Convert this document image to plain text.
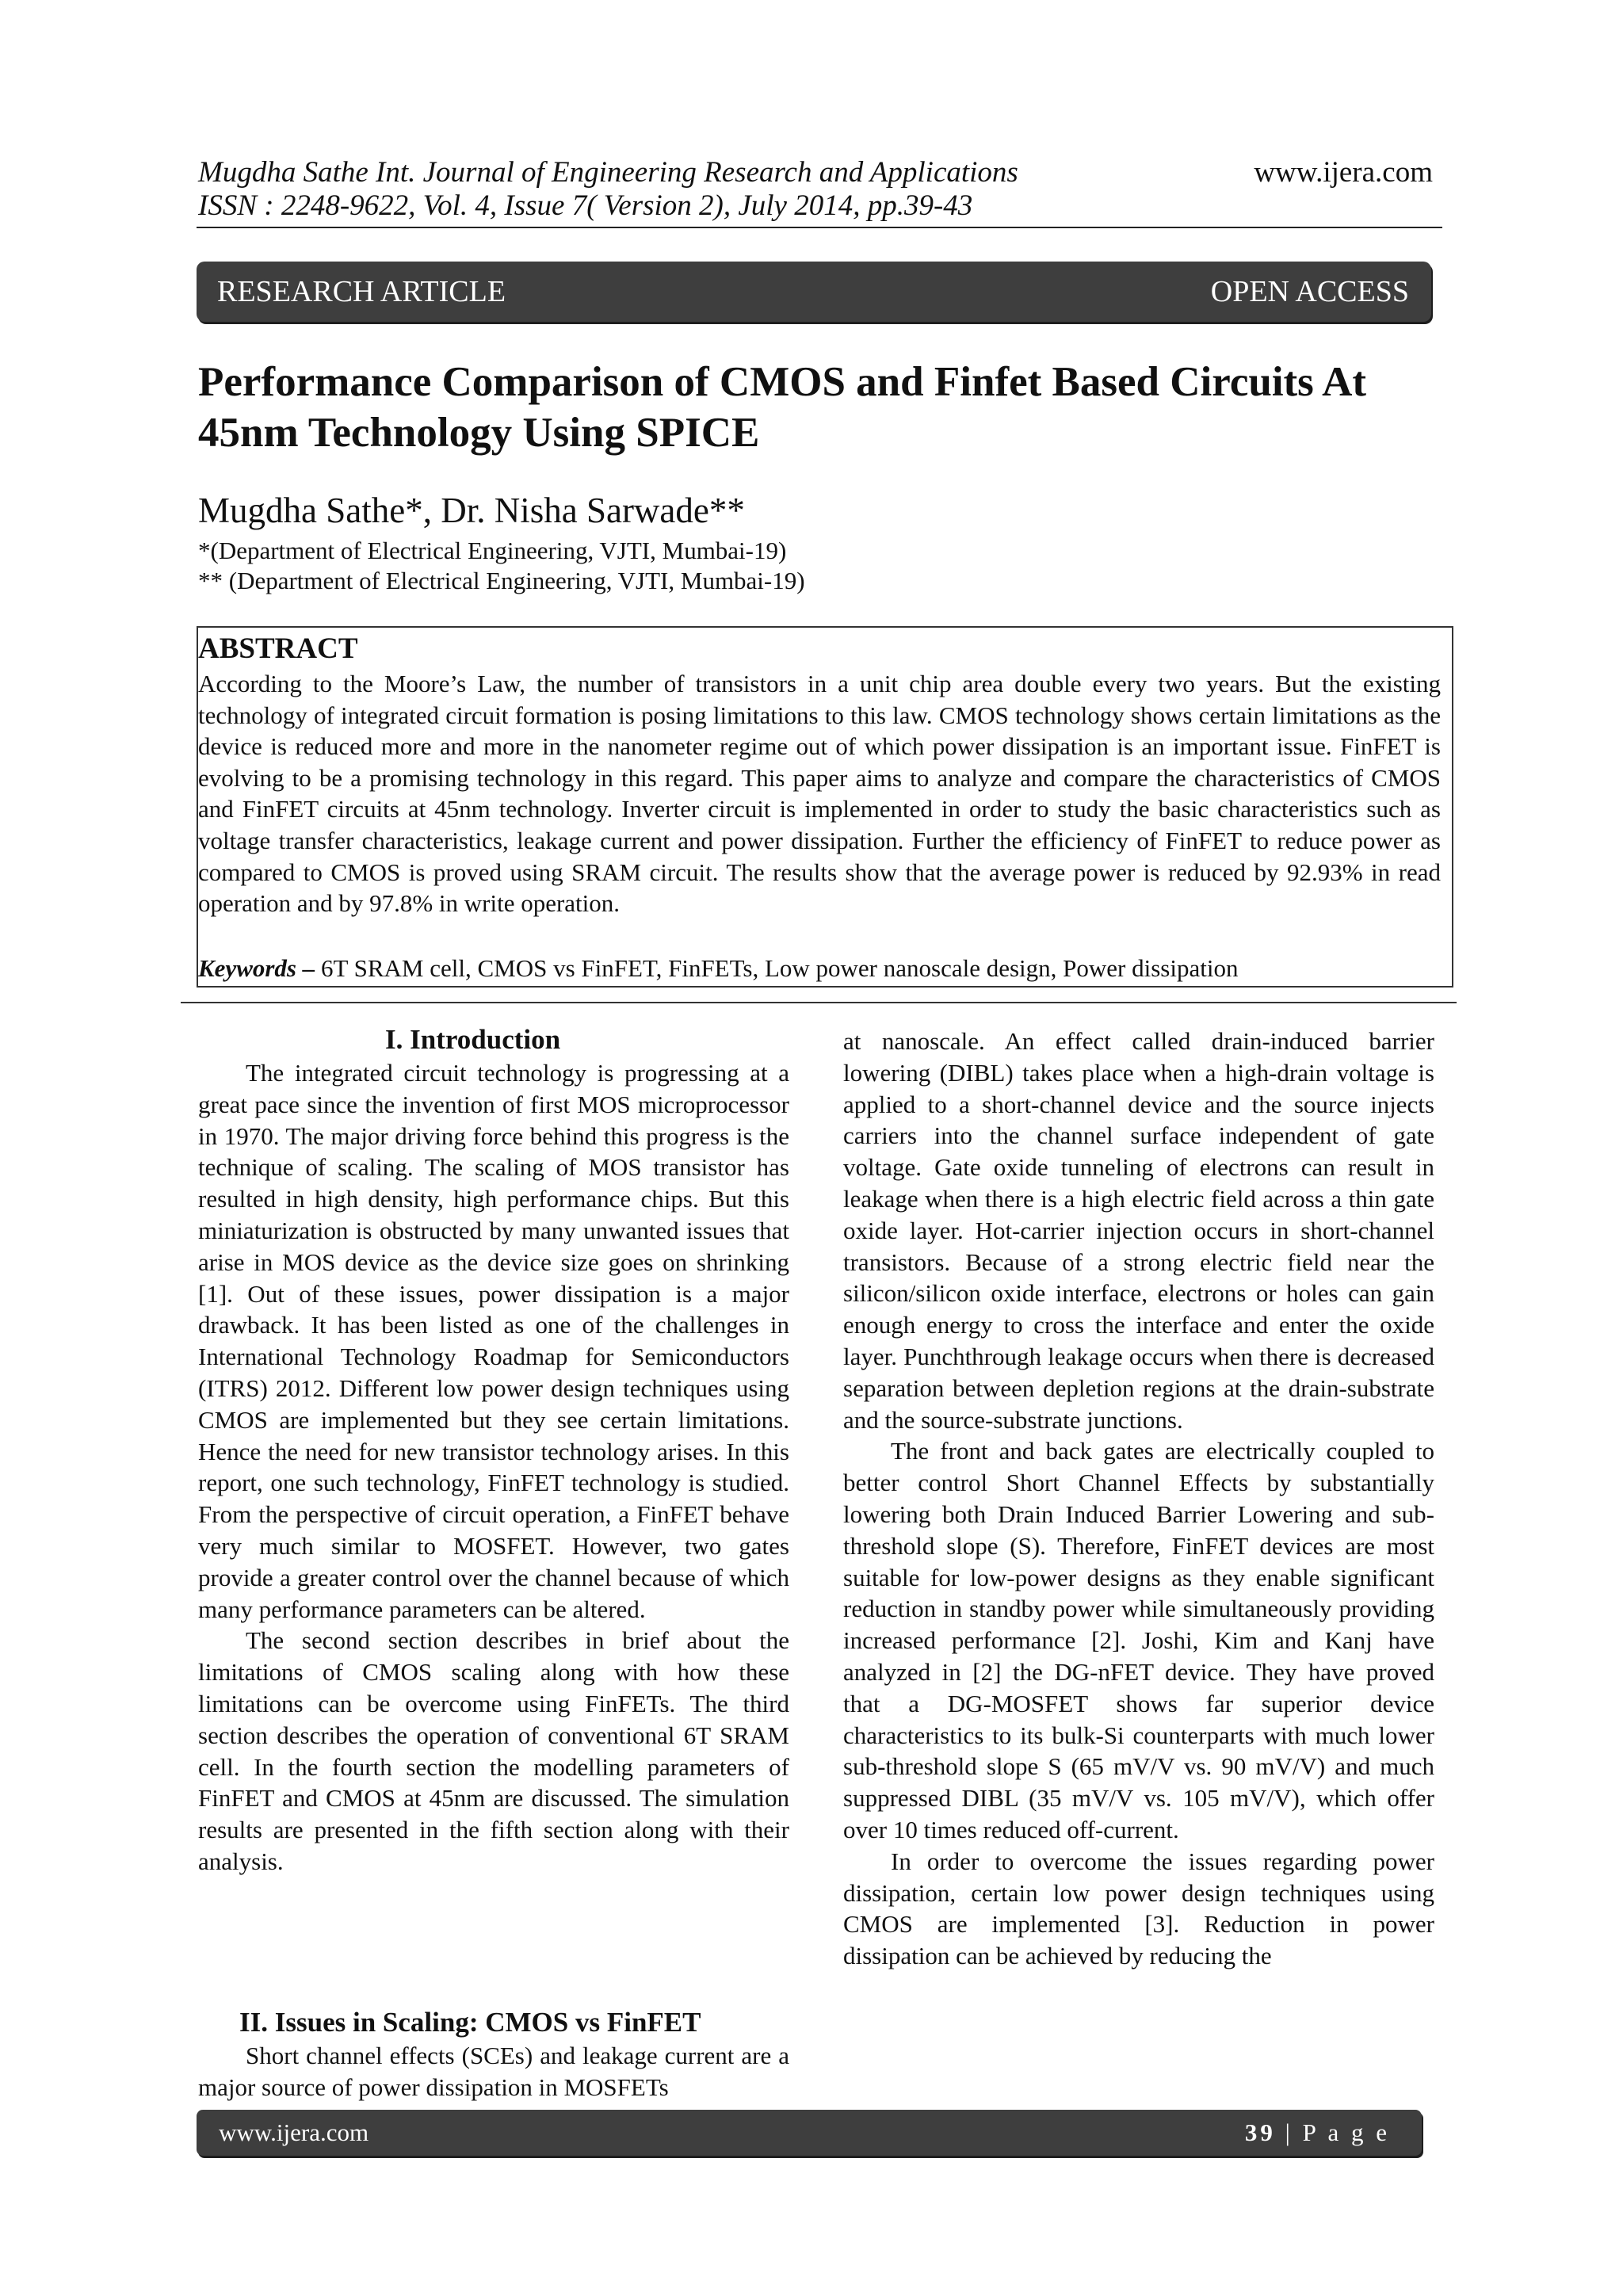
Mugdha Sathe Int. Journal of Engineering Research and Applications
ISSN : 2248-9622, Vol. 4, Issue 7( Version 2), July 2014, pp.39-43
www.ijera.com
RESEARCH ARTICLE	OPEN ACCESS
Performance Comparison of CMOS and Finfet Based Circuits At
45nm Technology Using SPICE
Mugdha Sathe*, Dr. Nisha Sarwade**
*(Department of Electrical Engineering, VJTI, Mumbai-19)
** (Department of Electrical Engineering, VJTI, Mumbai-19)
ABSTRACT
According to the Moore’s Law, the number of transistors in a unit chip area double every two years. But the existing technology of integrated circuit formation is posing limitations to this law. CMOS technology shows certain limitations as the device is reduced more and more in the nanometer regime out of which power dissipation is an important issue. FinFET is evolving to be a promising technology in this regard. This paper aims to analyze and compare the characteristics of CMOS and FinFET circuits at 45nm technology. Inverter circuit is implemented in order to study the basic characteristics such as voltage transfer characteristics, leakage current and power dissipation. Further the efficiency of FinFET to reduce power as compared to CMOS is proved using SRAM circuit. The results show that the average power is reduced by 92.93% in read operation and by 97.8% in write operation.
Keywords – 6T SRAM cell, CMOS vs FinFET, FinFETs, Low power nanoscale design, Power dissipation
I. Introduction

The integrated circuit technology is progressing at a great pace since the invention of first MOS microprocessor in 1970. The major driving force behind this progress is the technique of scaling. The scaling of MOS transistor has resulted in high density, high performance chips. But this miniaturization is obstructed by many unwanted issues that arise in MOS device as the device size goes on shrinking [1]. Out of these issues, power dissipation is a major drawback. It has been listed as one of the challenges in International Technology Roadmap for Semiconductors (ITRS) 2012. Different low power design techniques using CMOS are implemented but they see certain limitations. Hence the need for new transistor technology arises. In this report, one such technology, FinFET technology is studied. From the perspective of circuit operation, a FinFET behave very much similar to MOSFET. However, two gates provide a greater control over the channel because of which many performance parameters can be altered.

The second section describes in brief about the limitations of CMOS scaling along with how these limitations can be overcome using FinFETs. The third section describes the operation of conventional 6T SRAM cell. In the fourth section the modelling parameters of FinFET and CMOS at 45nm are discussed. The simulation results are presented in the fifth section along with their analysis.

II. Issues in Scaling: CMOS vs FinFET

Short channel effects (SCEs) and leakage current are a major source of power dissipation in MOSFETs

at nanoscale. An effect called drain-induced barrier lowering (DIBL) takes place when a high-drain voltage is applied to a short-channel device and the source injects carriers into the channel surface independent of gate voltage. Gate oxide tunneling of electrons can result in leakage when there is a high electric field across a thin gate oxide layer. Hot-carrier injection occurs in short-channel transistors. Because of a strong electric field near the silicon/silicon oxide interface, electrons or holes can gain enough energy to cross the interface and enter the oxide layer. Punchthrough leakage occurs when there is decreased separation between depletion regions at the drain-substrate and the source-substrate junctions.

The front and back gates are electrically coupled to better control Short Channel Effects by substantially lowering both Drain Induced Barrier Lowering and sub-threshold slope (S). Therefore, FinFET devices are most suitable for low-power designs as they enable significant reduction in standby power while simultaneously providing increased performance [2]. Joshi, Kim and Kanj have analyzed in [2] the DG-nFET device. They have proved that a DG-MOSFET shows far superior device characteristics to its bulk-Si counterparts with much lower sub-threshold slope S (65 mV/V vs. 90 mV/V) and much suppressed DIBL (35 mV/V vs. 105 mV/V), which offer over 10 times reduced off-current.

In order to overcome the issues regarding power dissipation, certain low power design techniques using CMOS are implemented [3]. Reduction in power dissipation can be achieved by reducing the

www.ijera.com	39 | P a g e
